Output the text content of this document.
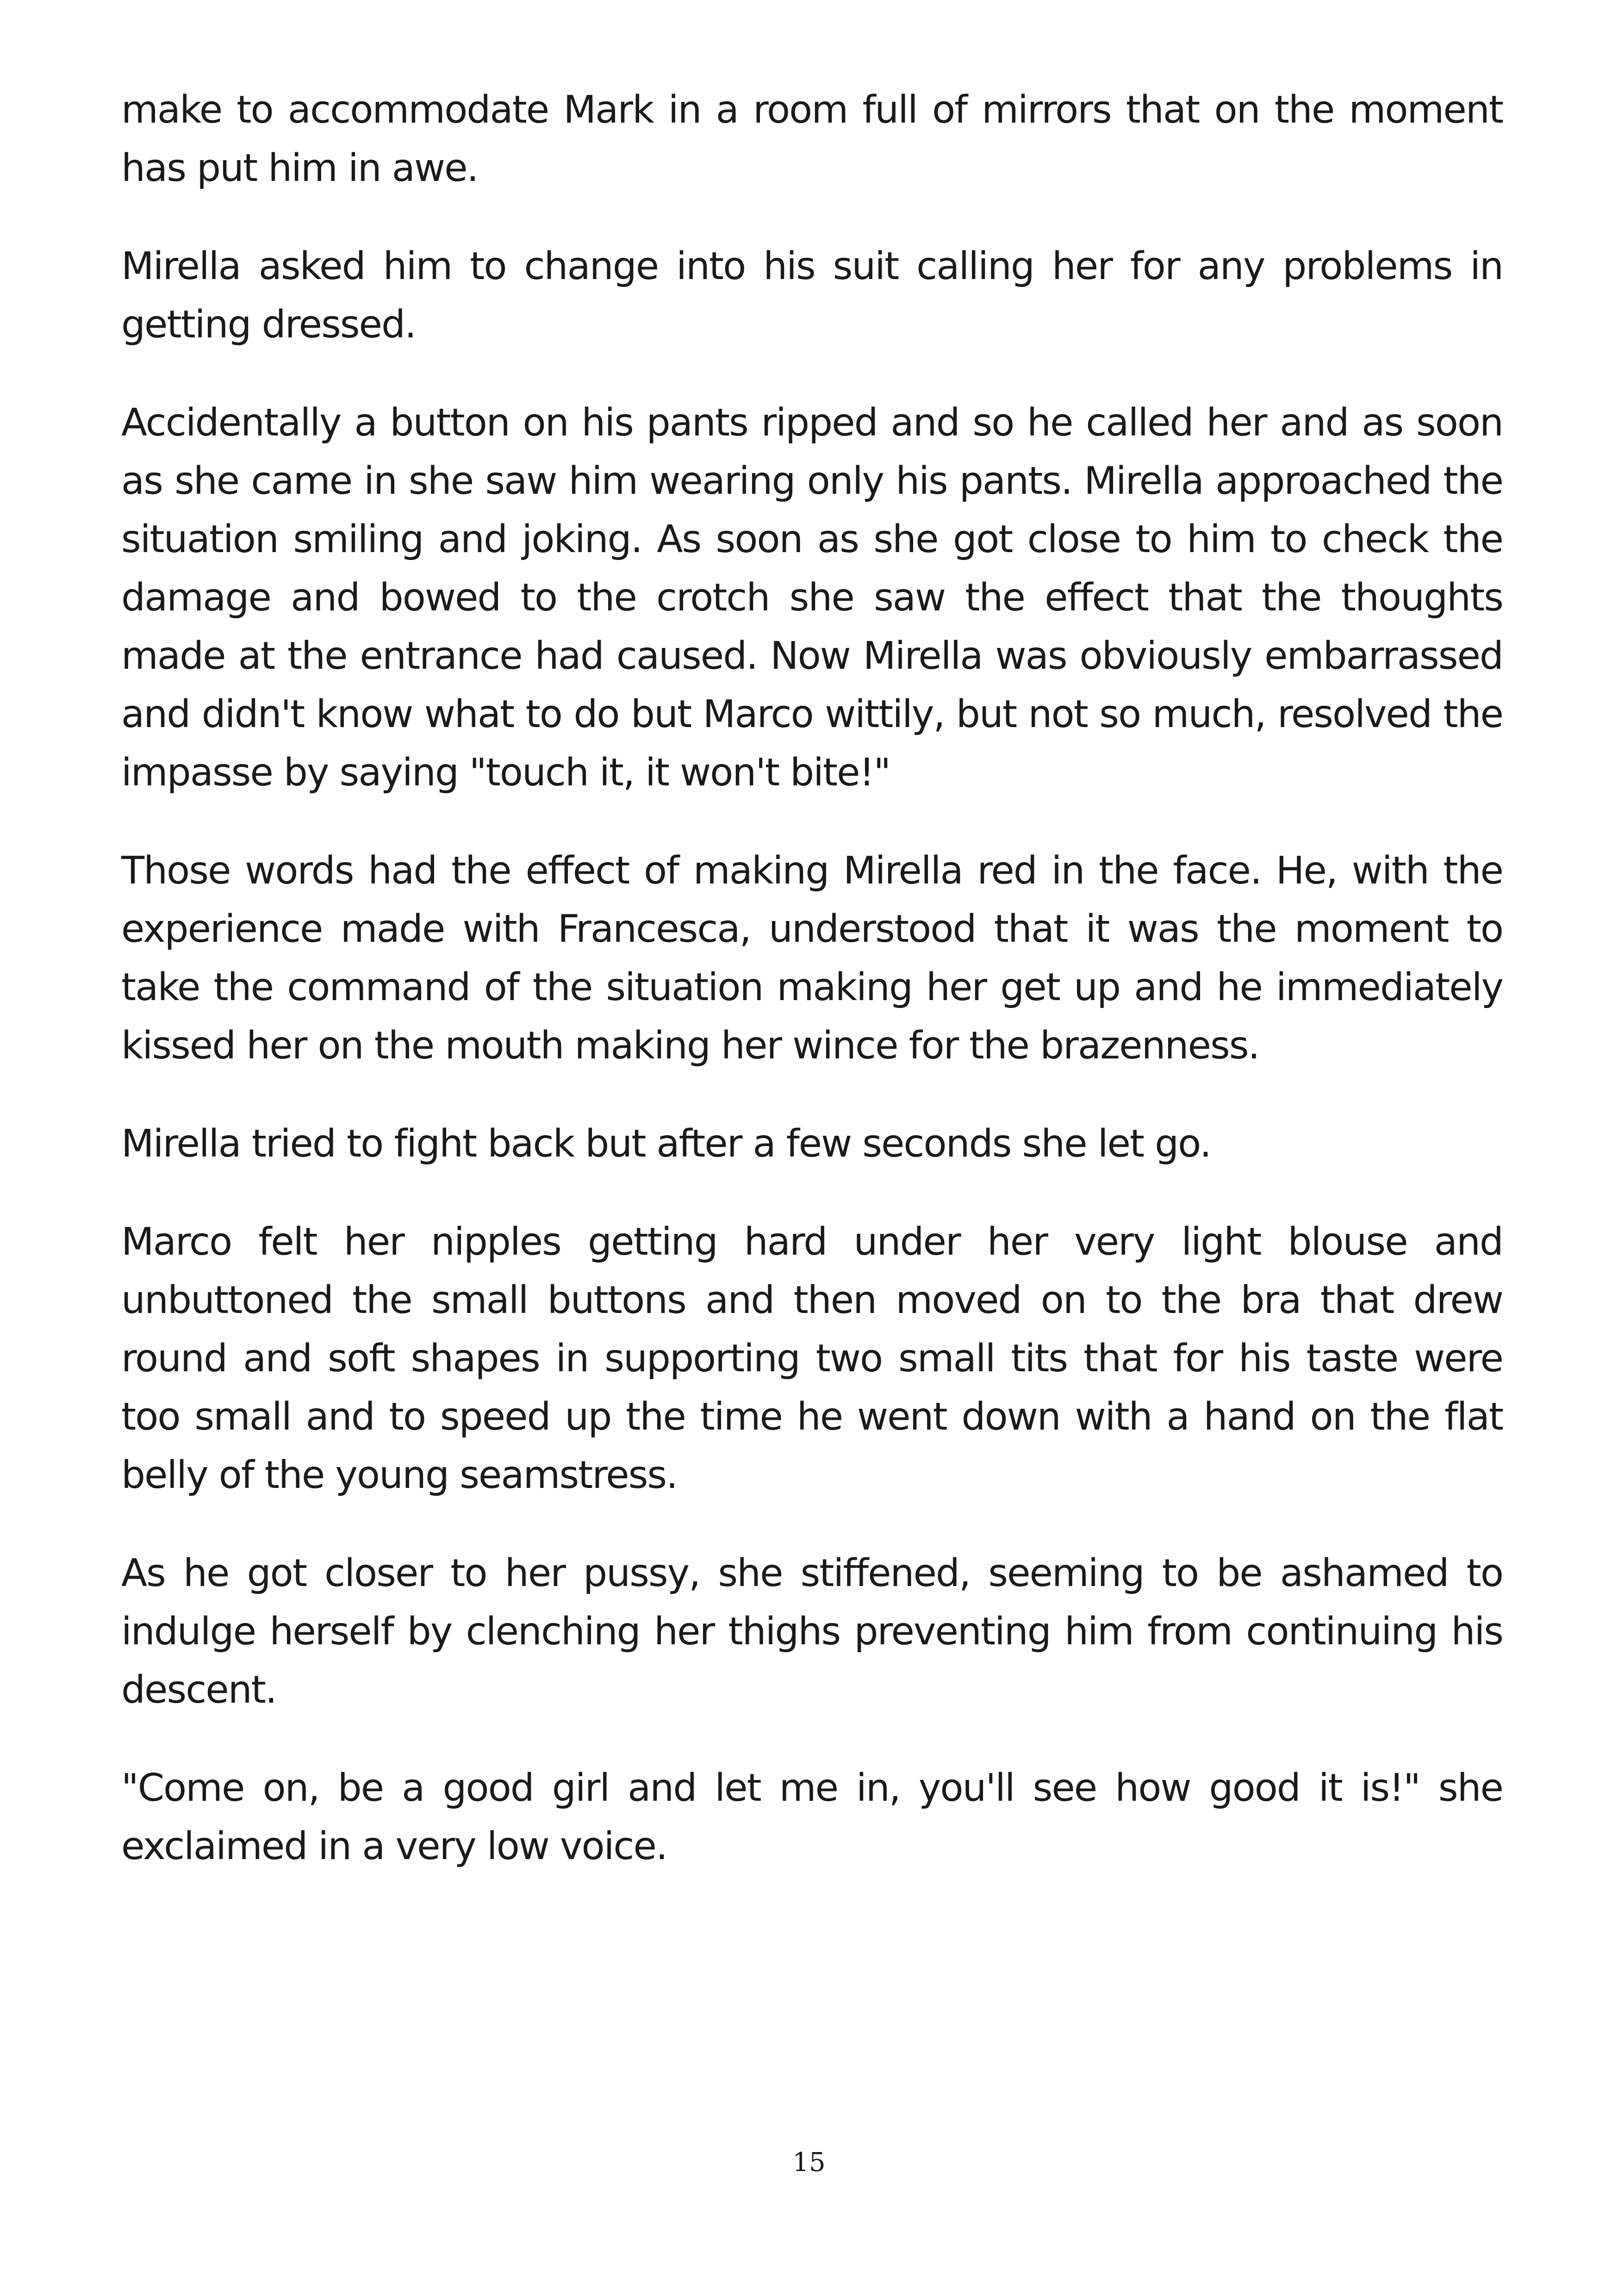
make to accommodate Mark in a room full of mirrors that on the moment has put him in awe.

Mirella asked him to change into his suit calling her for any problems in getting dressed.

Accidentally a button on his pants ripped and so he called her and as soon as she came in she saw him wearing only his pants. Mirella approached the situation smiling and joking. As soon as she got close to him to check the damage and bowed to the crotch she saw the effect that the thoughts made at the entrance had caused. Now Mirella was obviously embarrassed and didn't know what to do but Marco wittily, but not so much, resolved the impasse by saying "touch it, it won't bite!"

Those words had the effect of making Mirella red in the face. He, with the experience made with Francesca, understood that it was the moment to take the command of the situation making her get up and he immediately kissed her on the mouth making her wince for the brazenness.

Mirella tried to fight back but after a few seconds she let go.

Marco felt her nipples getting hard under her very light blouse and unbuttoned the small buttons and then moved on to the bra that drew round and soft shapes in supporting two small tits that for his taste were too small and to speed up the time he went down with a hand on the flat belly of the young seamstress.

As he got closer to her pussy, she stiffened, seeming to be ashamed to indulge herself by clenching her thighs preventing him from continuing his descent.

"Come on, be a good girl and let me in, you'll see how good it is!" she exclaimed in a very low voice.

15
